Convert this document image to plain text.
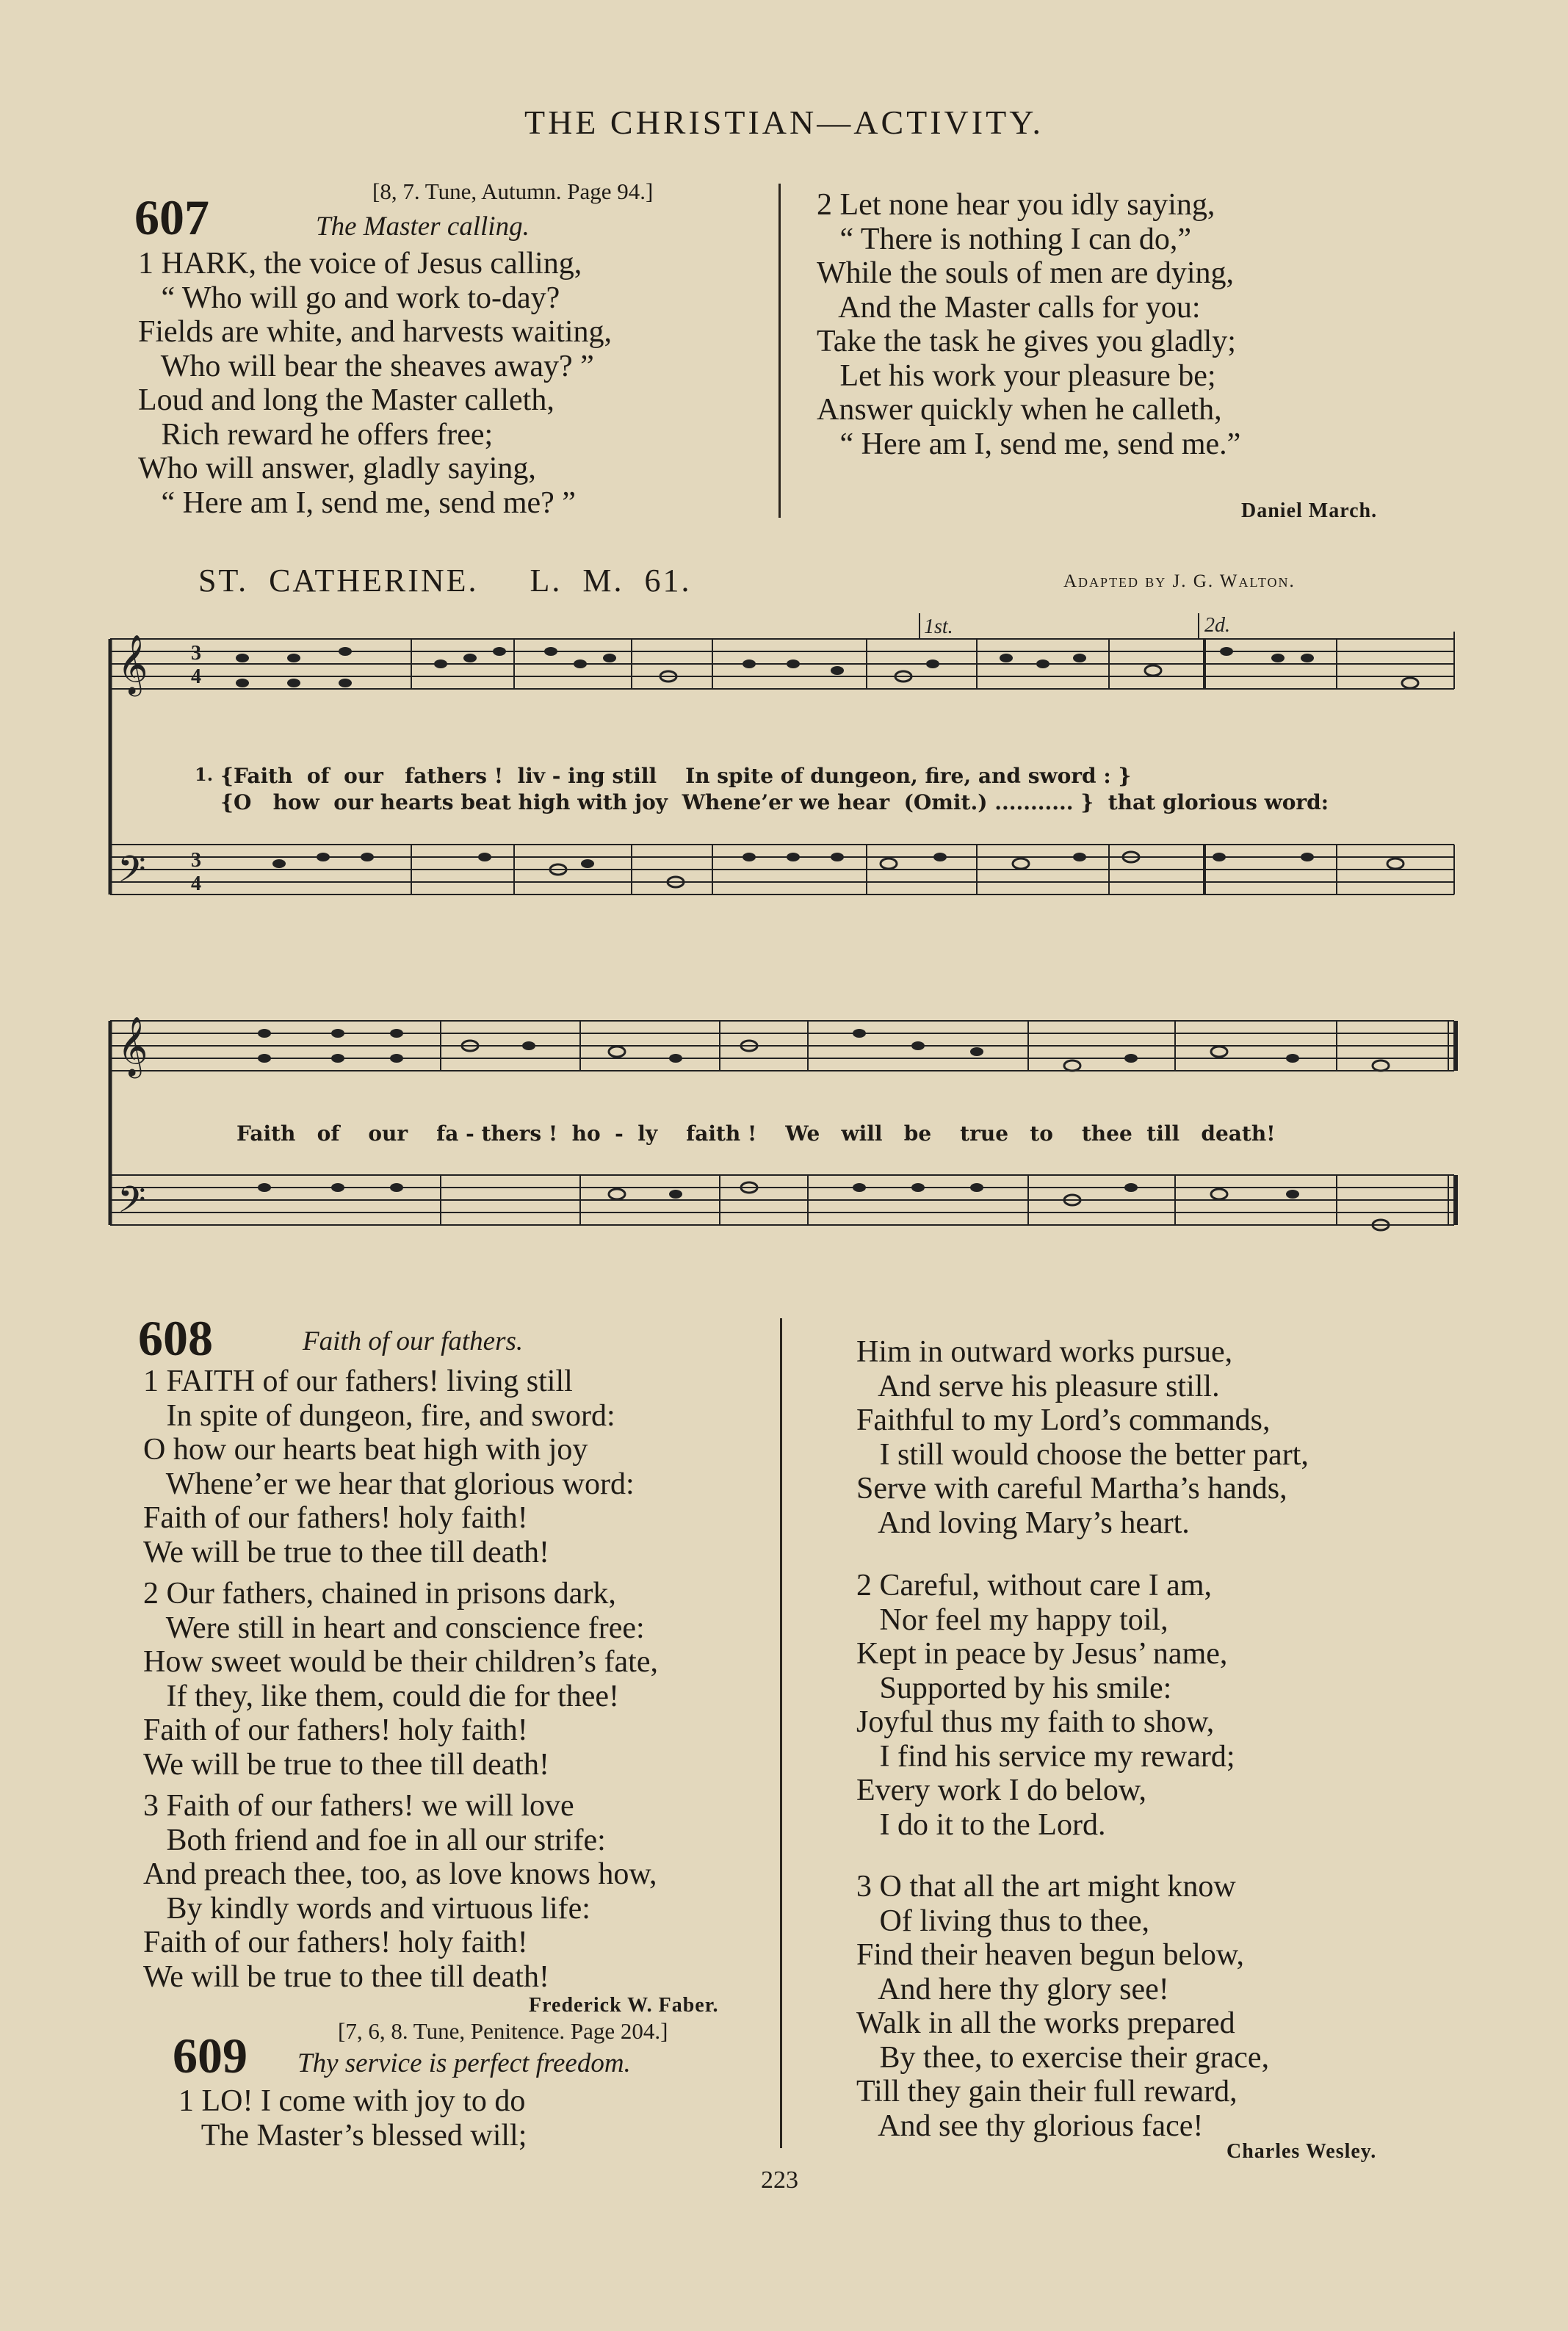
THE CHRISTIAN—ACTIVITY.
607	[8, 7. Tune, Autumn. Page 94.]
The Master calling.
1 HARK, the voice of Jesus calling,
“ Who will go and work to-day?
Fields are white, and harvests waiting,
Who will bear the sheaves away? ”
Loud and long the Master calleth,
Rich reward he offers free;
Who will answer, gladly saying,
“ Here am I, send me, send me? ”
2 Let none hear you idly saying,
“ There is nothing I can do,”
While the souls of men are dying,
And the Master calls for you:
Take the task he gives you gladly;
Let his work your pleasure be;
Answer quickly when he calleth,
“ Here am I, send me, send me.”
Daniel March.
ST.  CATHERINE.     L.  M.  61.	Adapted by J. G. Walton.
𝄞
𝄢
3
4
3
4
1st.	2d.
1. {Faith  of  our   fathers !  liv - ing still    In spite of dungeon, fire, and sword : }
{O   how  our hearts beat high with joy  Whene’er we hear  (Omit.) ........... }  that glorious word:
𝄞
𝄢
Faith   of    our    fa - thers !  ho  -  ly    faith !    We   will   be    true   to    thee  till   death!
608	Faith of our fathers.
1 FAITH of our fathers! living still
In spite of dungeon, fire, and sword:
O how our hearts beat high with joy
Whene’er we hear that glorious word:
Faith of our fathers! holy faith!
We will be true to thee till death!
2 Our fathers, chained in prisons dark,
Were still in heart and conscience free:
How sweet would be their children’s fate,
If they, like them, could die for thee!
Faith of our fathers! holy faith!
We will be true to thee till death!
3 Faith of our fathers! we will love
Both friend and foe in all our strife:
And preach thee, too, as love knows how,
By kindly words and virtuous life:
Faith of our fathers! holy faith!
We will be true to thee till death!
Frederick W. Faber.
609	[7, 6, 8. Tune, Penitence. Page 204.]
Thy service is perfect freedom.
1 LO! I come with joy to do
The Master’s blessed will;
Him in outward works pursue,
And serve his pleasure still.
Faithful to my Lord’s commands,
I still would choose the better part,
Serve with careful Martha’s hands,
And loving Mary’s heart.
2 Careful, without care I am,
Nor feel my happy toil,
Kept in peace by Jesus’ name,
Supported by his smile:
Joyful thus my faith to show,
I find his service my reward;
Every work I do below,
I do it to the Lord.
3 O that all the art might know
Of living thus to thee,
Find their heaven begun below,
And here thy glory see!
Walk in all the works prepared
By thee, to exercise their grace,
Till they gain their full reward,
And see thy glorious face!
Charles Wesley.
223
